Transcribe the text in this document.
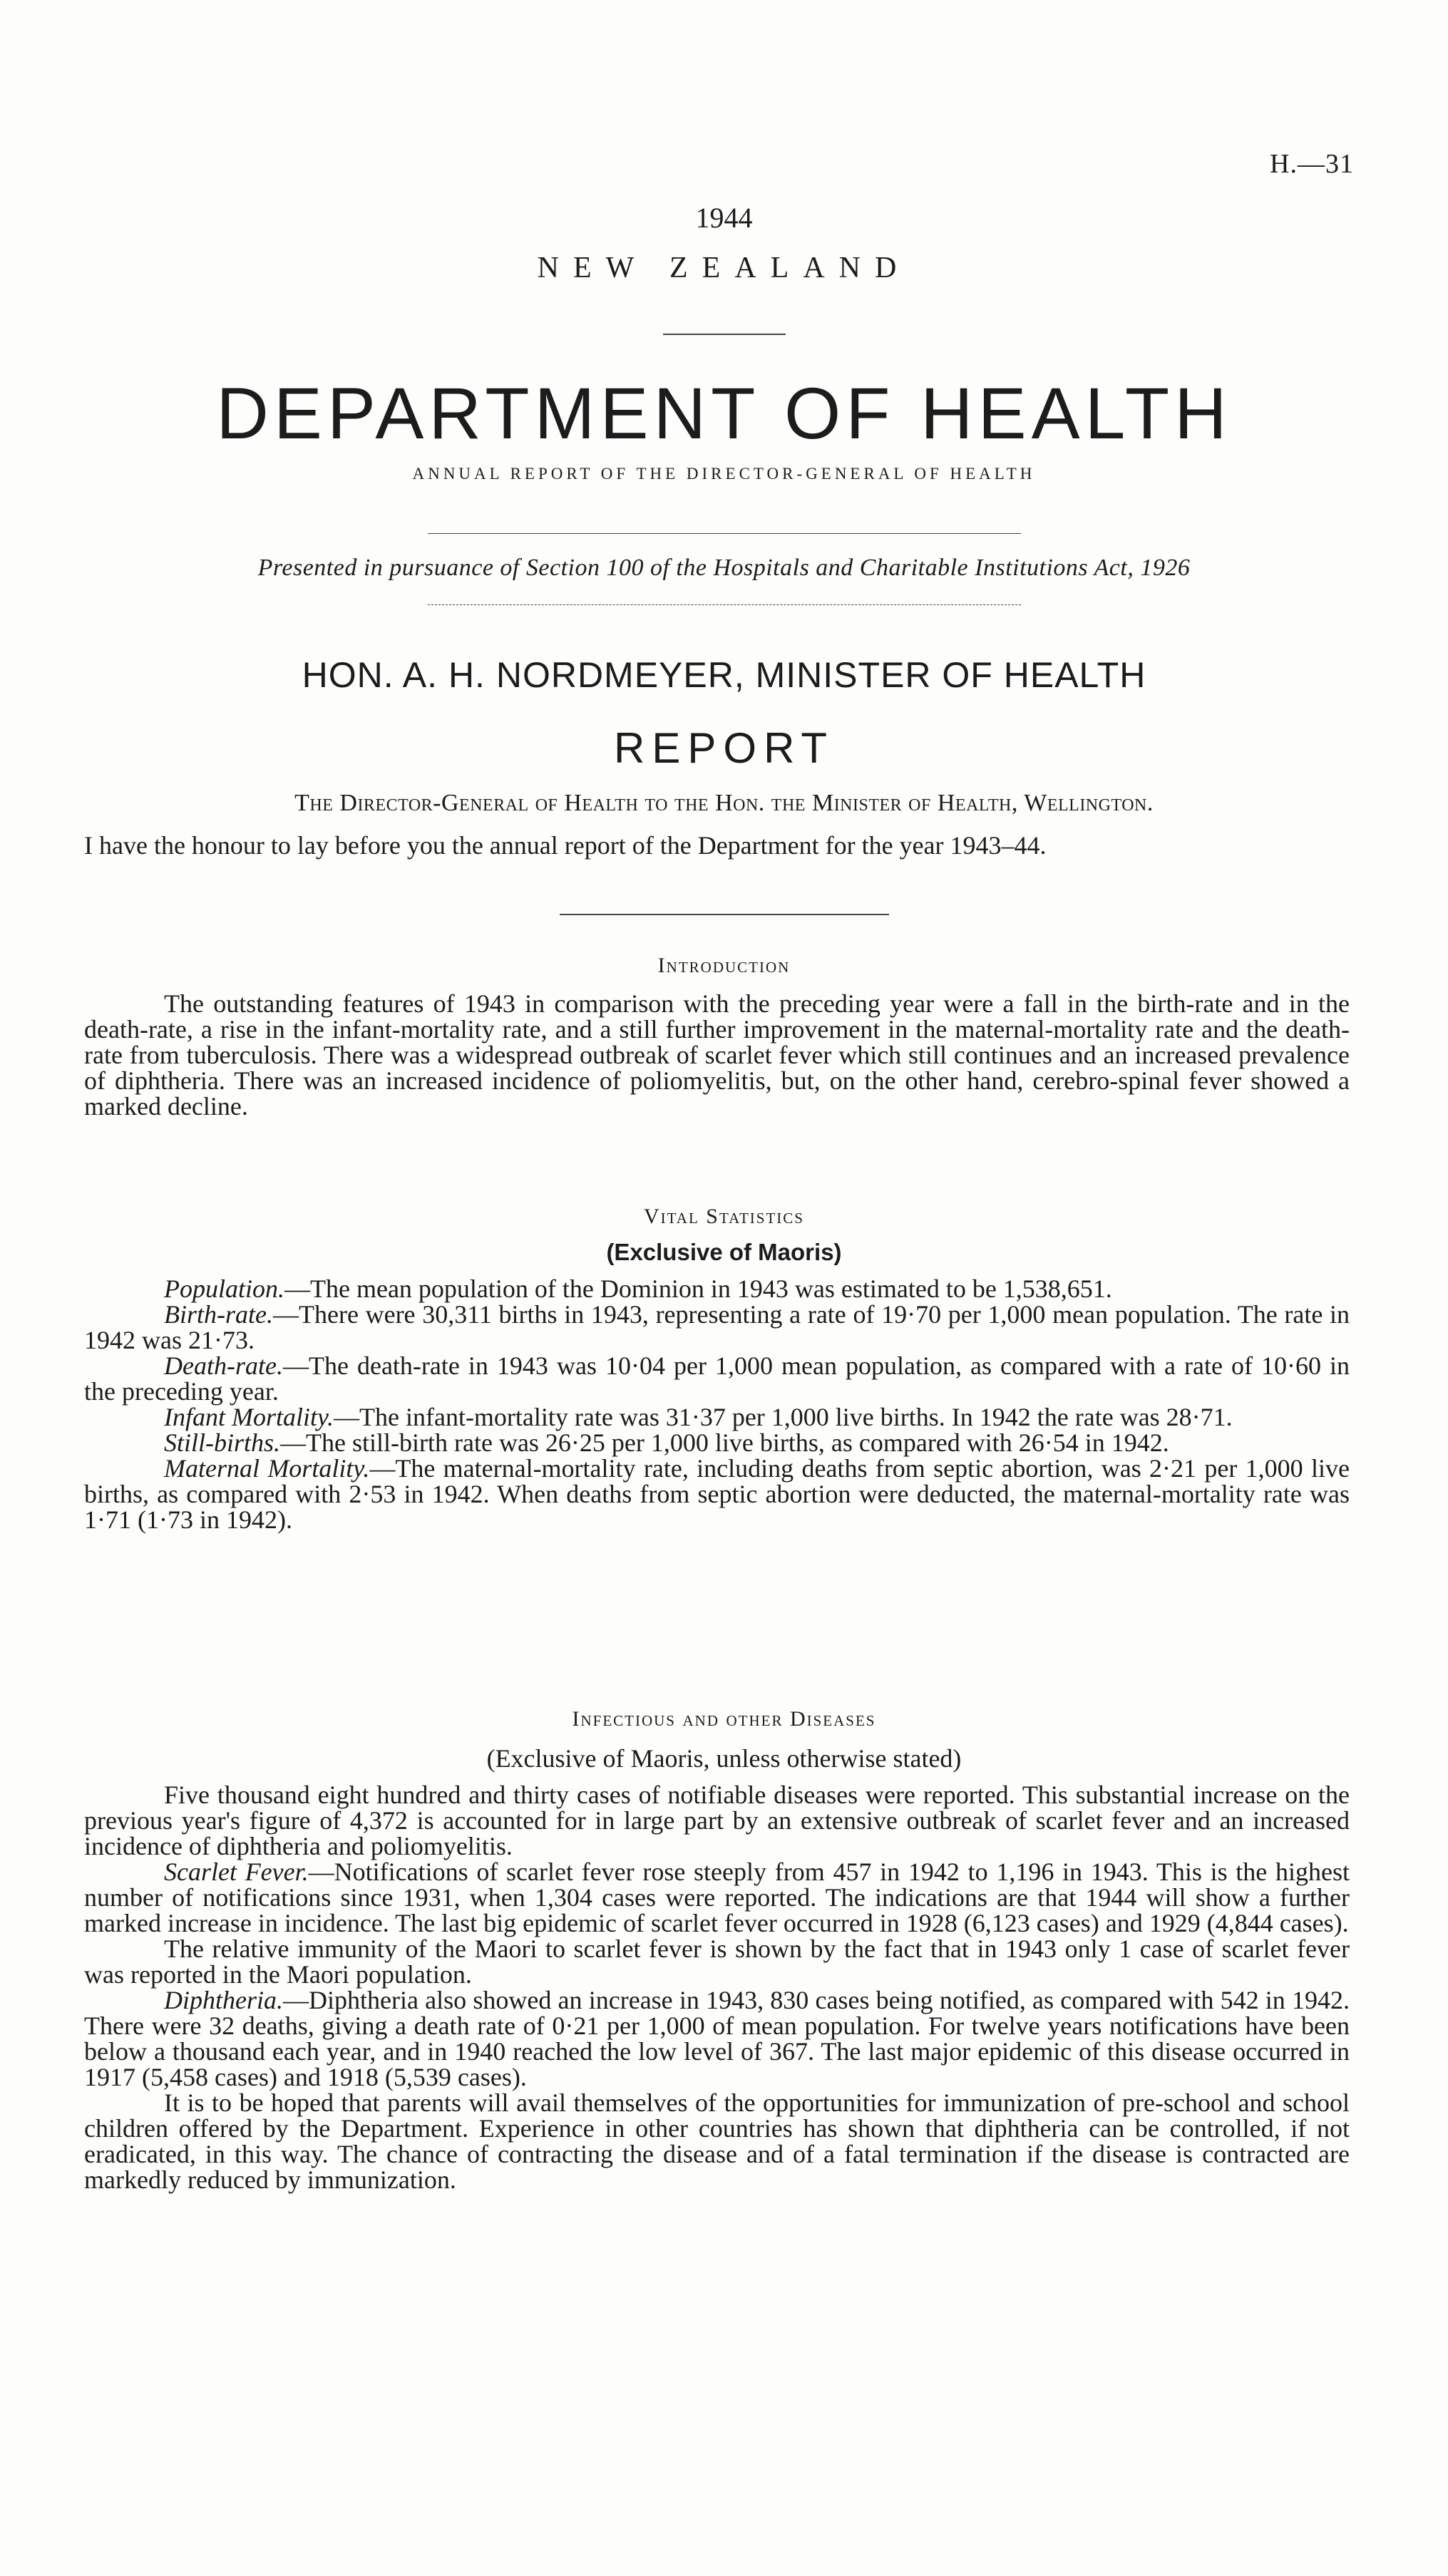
H.—31
1944
NEW ZEALAND
DEPARTMENT OF HEALTH
ANNUAL REPORT OF THE DIRECTOR-GENERAL OF HEALTH
Presented in pursuance of Section 100 of the Hospitals and Charitable Institutions Act, 1926
HON. A. H. NORDMEYER, MINISTER OF HEALTH
REPORT
The Director-General of Health to the Hon. the Minister of Health, Wellington.

I have the honour to lay before you the annual report of the Department for the year 1943–44.

Introduction

The outstanding features of 1943 in comparison with the preceding year were a fall in the birth-rate and in the death-rate, a rise in the infant-mortality rate, and a still further improvement in the maternal-mortality rate and the death-rate from tuberculosis. There was a widespread outbreak of scarlet fever which still continues and an increased prevalence of diphtheria. There was an increased incidence of poliomyelitis, but, on the other hand, cerebro-spinal fever showed a marked decline.

Vital Statistics
(Exclusive of Maoris)

Population.—The mean population of the Dominion in 1943 was estimated to be 1,538,651.

Birth-rate.—There were 30,311 births in 1943, representing a rate of 19·70 per 1,000 mean population. The rate in 1942 was 21·73.

Death-rate.—The death-rate in 1943 was 10·04 per 1,000 mean population, as compared with a rate of 10·60 in the preceding year.

Infant Mortality.—The infant-mortality rate was 31·37 per 1,000 live births. In 1942 the rate was 28·71.

Still-births.—The still-birth rate was 26·25 per 1,000 live births, as compared with 26·54 in 1942.

Maternal Mortality.—The maternal-mortality rate, including deaths from septic abortion, was 2·21 per 1,000 live births, as compared with 2·53 in 1942. When deaths from septic abortion were deducted, the maternal-mortality rate was 1·71 (1·73 in 1942).

Infectious and other Diseases
(Exclusive of Maoris, unless otherwise stated)

Five thousand eight hundred and thirty cases of notifiable diseases were reported. This substantial increase on the previous year's figure of 4,372 is accounted for in large part by an extensive outbreak of scarlet fever and an increased incidence of diphtheria and poliomyelitis.

Scarlet Fever.—Notifications of scarlet fever rose steeply from 457 in 1942 to 1,196 in 1943. This is the highest number of notifications since 1931, when 1,304 cases were reported. The indications are that 1944 will show a further marked increase in incidence. The last big epidemic of scarlet fever occurred in 1928 (6,123 cases) and 1929 (4,844 cases).

The relative immunity of the Maori to scarlet fever is shown by the fact that in 1943 only 1 case of scarlet fever was reported in the Maori population.

Diphtheria.—Diphtheria also showed an increase in 1943, 830 cases being notified, as compared with 542 in 1942. There were 32 deaths, giving a death rate of 0·21 per 1,000 of mean population. For twelve years notifications have been below a thousand each year, and in 1940 reached the low level of 367. The last major epidemic of this disease occurred in 1917 (5,458 cases) and 1918 (5,539 cases).

It is to be hoped that parents will avail themselves of the opportunities for immunization of pre-school and school children offered by the Department. Experience in other countries has shown that diphtheria can be controlled, if not eradicated, in this way. The chance of contracting the disease and of a fatal termination if the disease is contracted are markedly reduced by immunization.
